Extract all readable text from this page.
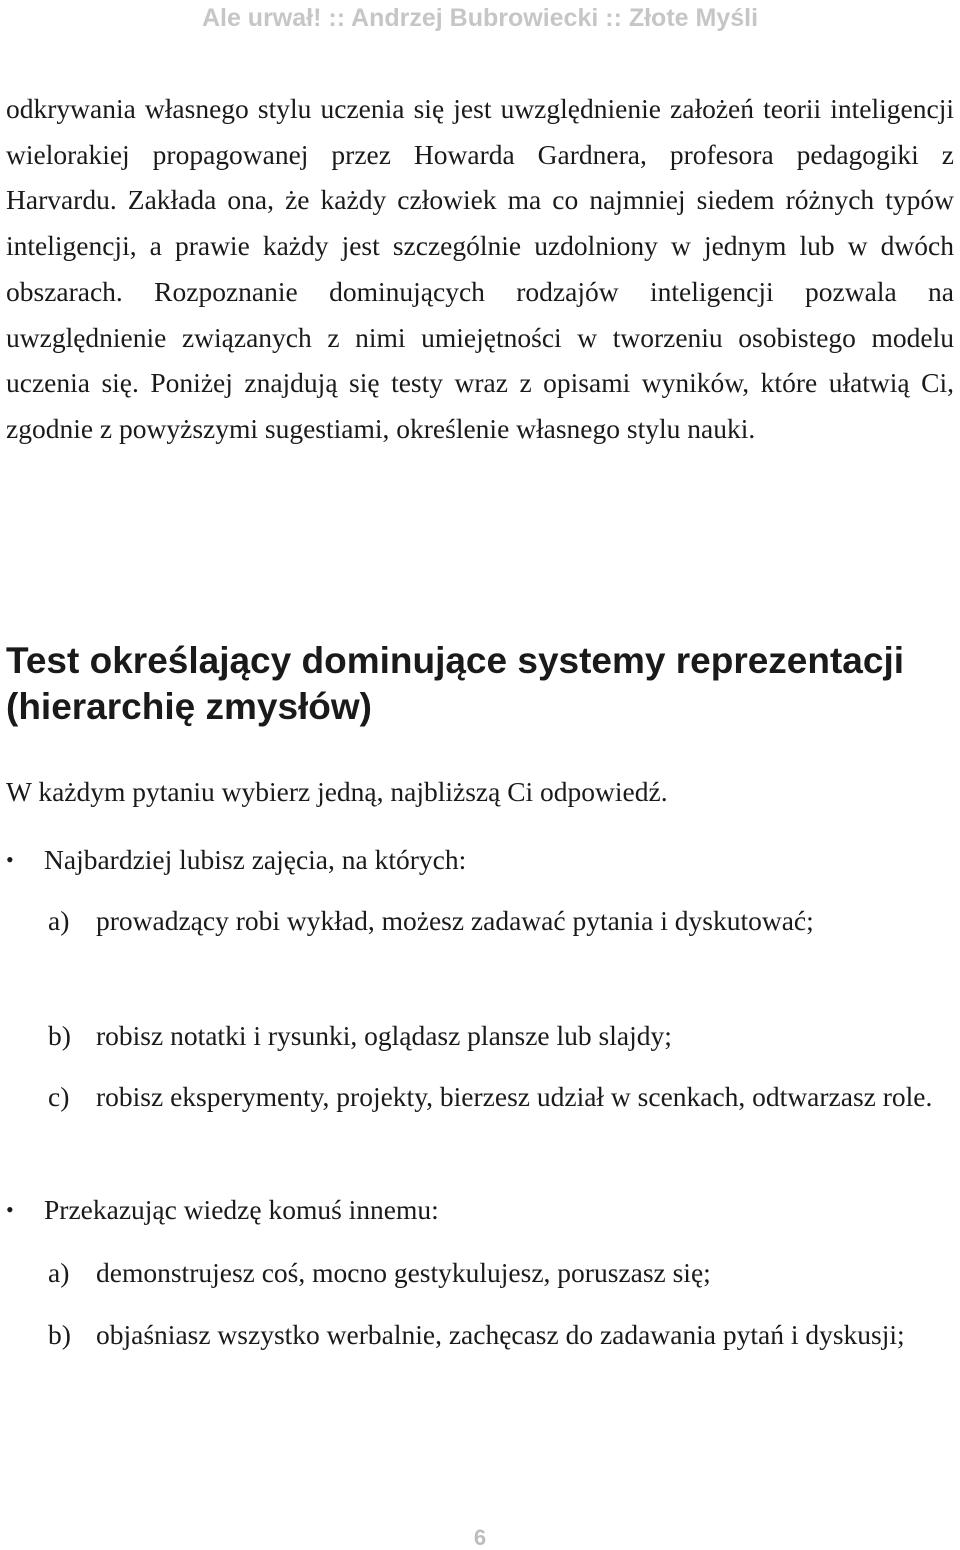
Ale urwał! :: Andrzej Bubrowiecki :: Złote Myśli

odkrywania własnego stylu uczenia się jest uwzględnienie założeń teorii inteligencji wielorakiej propagowanej przez Howarda Gardnera, profesora pedagogiki z Harvardu. Zakłada ona, że każdy człowiek ma co najmniej siedem różnych typów inteligencji, a prawie każdy jest szczególnie uzdolniony w jednym lub w dwóch obszarach. Rozpoznanie dominujących rodzajów inteligencji pozwala na uwzględnienie związanych z nimi umiejętności w tworzeniu osobistego modelu uczenia się. Poniżej znajdują się testy wraz z opisami wyników, które ułatwią Ci, zgodnie z powyższymi sugestiami, określenie własnego stylu nauki.

Test określający dominujące systemy reprezentacji (hierarchię zmysłów)

W każdym pytaniu wybierz jedną, najbliższą Ci odpowiedź.

•	Najbardziej lubisz zajęcia, na których:
a) prowadzący robi wykład, możesz zadawać pytania i dyskutować;
b) robisz notatki i rysunki, oglądasz plansze lub slajdy;
c) robisz eksperymenty, projekty, bierzesz udział w scenkach, odtwarzasz role.
•	Przekazując wiedzę komuś innemu:
a) demonstrujesz coś, mocno gestykulujesz, poruszasz się;
b) objaśniasz wszystko werbalnie, zachęcasz do zadawania pytań i dyskusji;
6
